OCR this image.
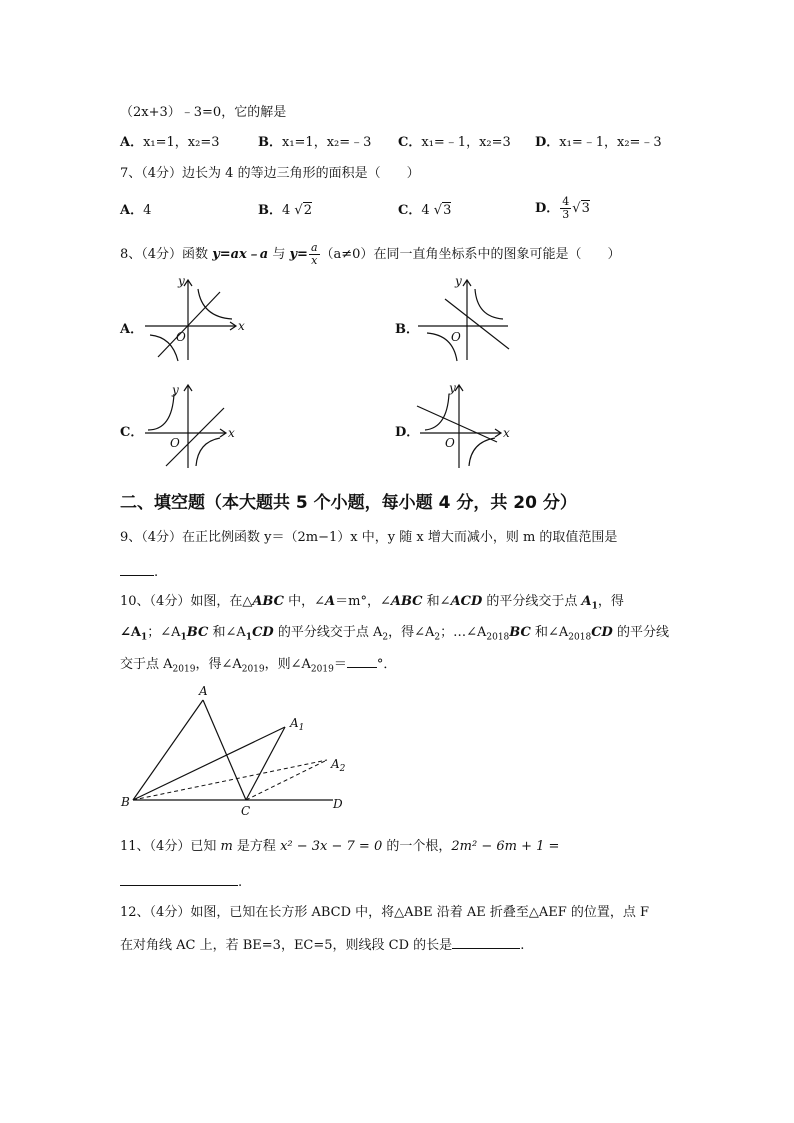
（2x+3）﹣3=0，它的解是
A．x₁=1，x₂=3	B．x₁=1，x₂=﹣3 C．x₁=﹣1，x₂=3 D．x₁=﹣1，x₂=﹣3
7、（4分）边长为 4 的等边三角形的面积是（　　）
A．4	B．4 √2	C．4 √3	D． $\frac{4}{3} √3$
8、（4分）函数 y=ax﹣a 与 $y= \frac{a}{x} (a\ne 0)$在同一直角坐标系中的图象可能是（　　）
A．	x
y
O	B．
y
O
C．	x
y
O
D．	x
y
O
二、填空题（本大题共 5 个小题，每小题 4 分，共 20 分）
9、（4分）在正比例函数 y＝（2m−1）x 中，y 随 x 增大而减小，则 m 的取值范围是
.
10、（4分）如图，在△ABC 中，∠A＝m°，∠ABC 和∠ACD 的平分线交于点 $A_1$，得
$\angle A_1$；$\angle A_1BC$ 和$\angle A_1CD$ 的平分线交于点 $A_2$，得$\angle A_2$；$\dots\angle A_{2018}BC$ 和$\angle A_{2018}CD$ 的平分线
交于点 $A_{2019}$，得$\angle A_{2019}$，则$\angle A_{2019}=$ °．
A
$A_1$
$A_2$
B
C	D
11、（4分）已知 m 是方程 x² − 3x − 7 = 0 的一个根，2m² − 6m + 1 =
.
12、（4分）如图，已知在长方形 ABCD 中，将△ABE 沿着 AE 折叠至△AEF 的位置，点 F
在对角线 AC 上，若 BE=3，EC=5，则线段 CD 的长是	.
